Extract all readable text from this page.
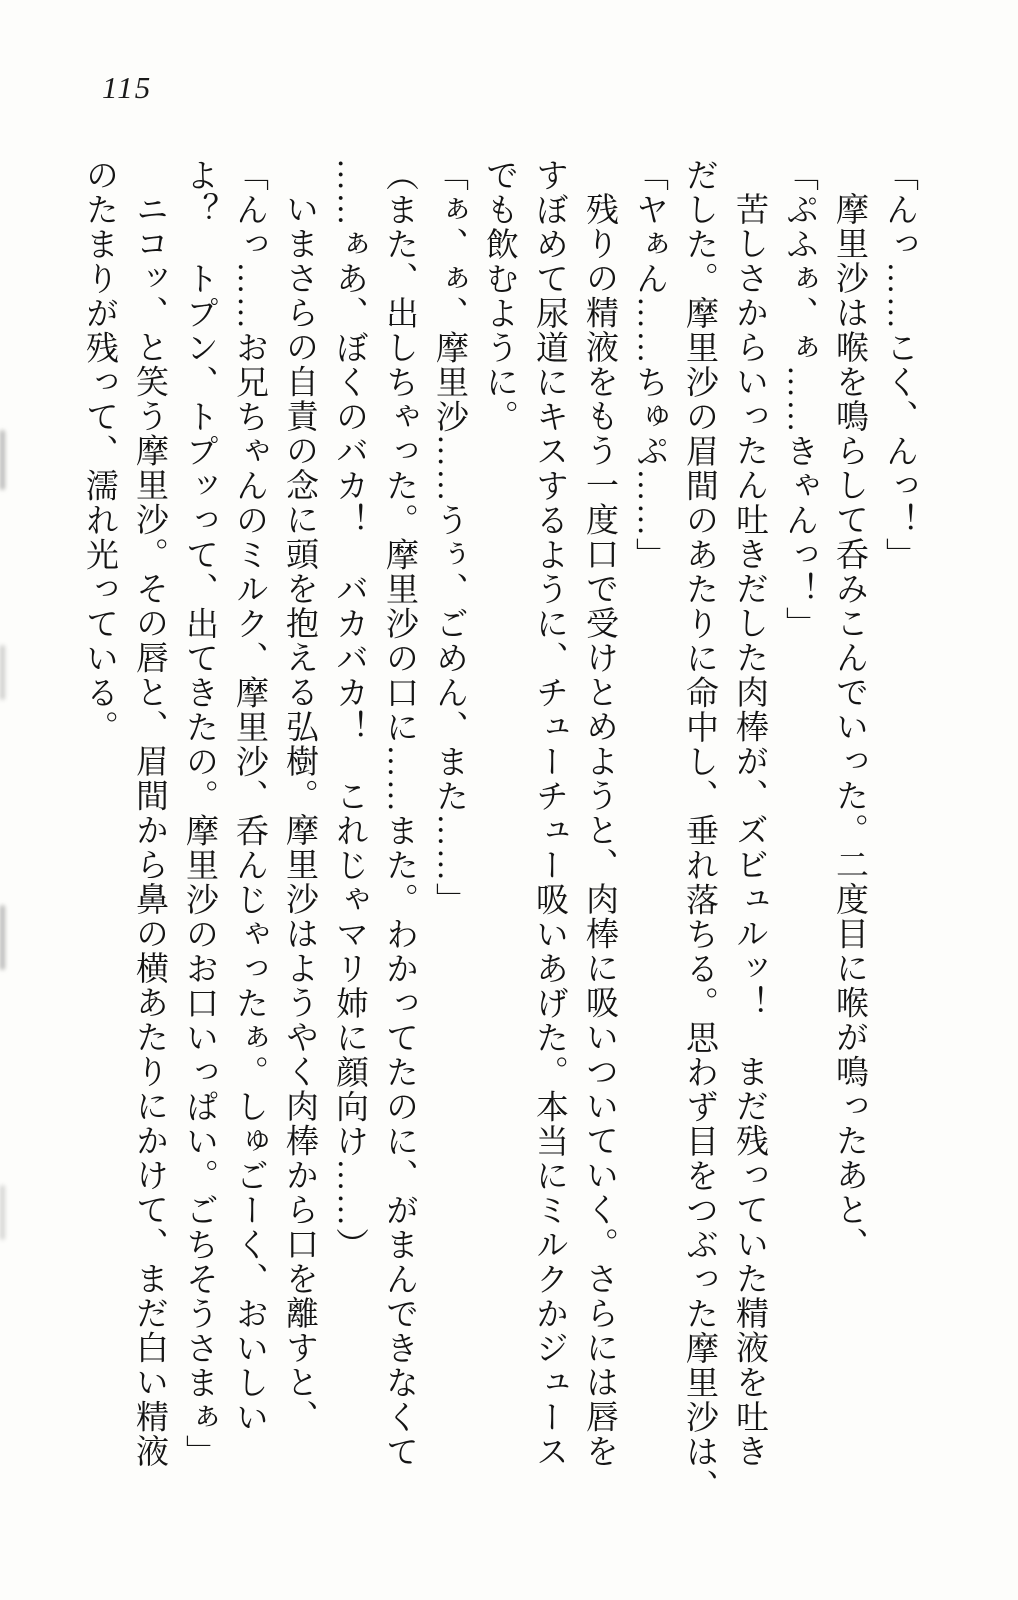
115
「んっ……こく、んっ！」
摩里沙は喉を鳴らして呑みこんでいった。二度目に喉が鳴ったあと、
「ぷふぁ、ぁ……きゃんっ！」
苦しさからいったん吐きだした肉棒が、ズビュルッ！　まだ残っていた精液を吐き
だした。摩里沙の眉間のあたりに命中し、垂れ落ちる。思わず目をつぶった摩里沙は、
「ヤぁん……ちゅぷ……」
残りの精液をもう一度口で受けとめようと、肉棒に吸いついていく。さらには唇を
すぼめて尿道にキスするように、チューチュー吸いあげた。本当にミルクかジュース
でも飲むように。
「ぁ、ぁ、摩里沙……うぅ、ごめん、また……」
（また、出しちゃった。摩里沙の口に……また。わかってたのに、がまんできなくて
……ぁあ、ぼくのバカ！　バカバカ！　これじゃマリ姉に顔向け……）
いまさらの自責の念に頭を抱える弘樹。摩里沙はようやく肉棒から口を離すと、
「んっ……お兄ちゃんのミルク、摩里沙、呑んじゃったぁ。しゅごーく、おいしい
よ？　トプン、トプッって、出てきたの。摩里沙のお口いっぱい。ごちそうさまぁ」
ニコッ、と笑う摩里沙。その唇と、眉間から鼻の横あたりにかけて、まだ白い精液
のたまりが残って、濡れ光っている。
